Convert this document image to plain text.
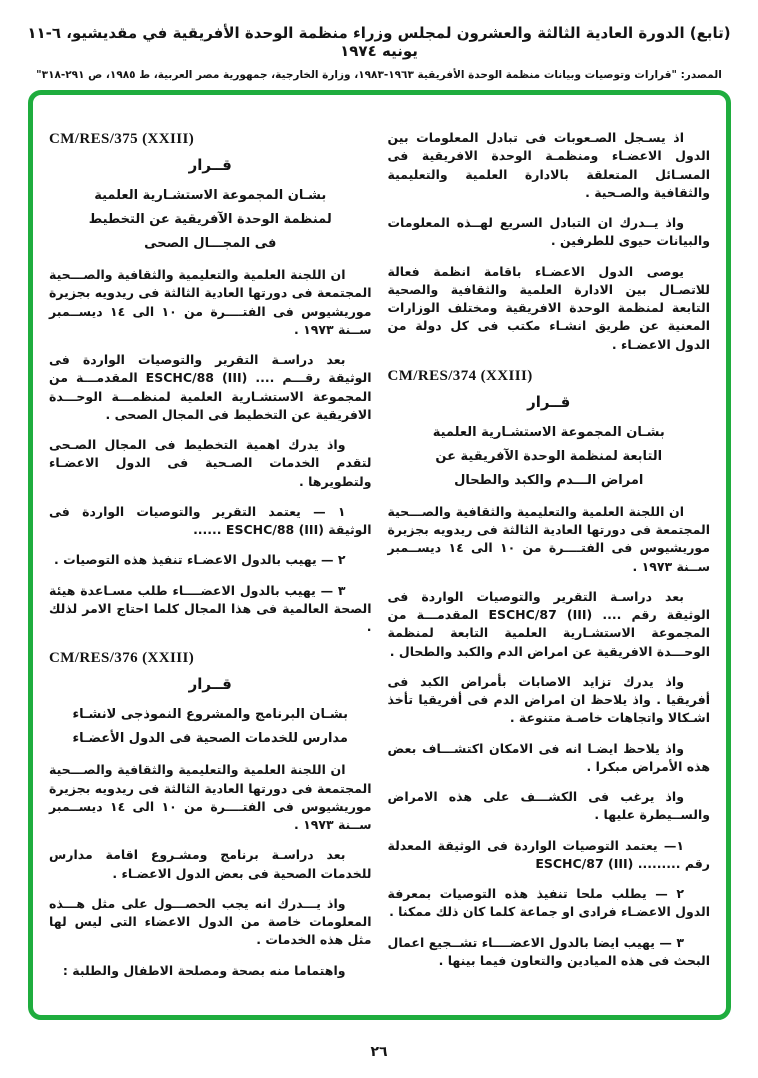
(تابع) الدورة العادية الثالثة والعشرون لمجلس وزراء منظمة الوحدة الأفريقية في مقديشيو، ٦-١١ يونيه ١٩٧٤
المصدر: "قرارات وتوصيات وبيانات منظمة الوحدة الأفريقية ١٩٦٣-١٩٨٣، وزارة الخارجية، جمهورية مصر العربية، ط ١٩٨٥، ص ٢٩١-٣١٨"

اذ يسـجل الصـعوبات فى تبادل المعلومات بين الدول الاعضـاء ومنظمـة الوحدة الافريقية فى المسـائل المتعلقة بالادارة العلمية والتعليمية والثقافية والصـحية .

واذ يــدرك ان التبادل السريع لهــذه المعلومات والبيانات حيوى للطرفين .

يوصى الدول الاعضـاء باقامة انظمة فعالة للاتصـال بين الادارة العلمية والثقافية والصحية التابعة لمنظمة الوحدة الافريقية ومختلف الوزارات المعنية عن طريق انشـاء مكتب فى كل دولة من الدول الاعضـاء .

CM/RES/374 (XXIII)
قــرار
بشـان المجموعة الاستشـارية العلمية
التابعة لمنظمة الوحدة الآفريقية عن
امراض الـــدم والكبد والطحال

ان اللجنة العلمية والتعليمية والثقافية والصـــحية المجتمعة فى دورتها العادية الثالثة فى ريدويه بجزيرة موريشيوس فى الفتــــرة من ١٠ الى ١٤ ديســمبر ســنة ١٩٧٣ .

بعد دراسـة التقرير والتوصيات الواردة فى الوثيقة رقم .... ‎ESCHC/87 (III)‎ المقدمـــة من المجموعة الاستشـارية العلمية التابعة لمنظمة الوحـــدة الافريقية عن امراض الدم والكبد والطحال .

واذ يدرك تزايد الاصابات بأمراض الكبد فى أفريقيا . واذ يلاحظ ان امراض الدم فى أفريقيا تأخذ اشـكالا واتجاهات خاصـة متنوعة .

واذ يلاحظ ايضـا انه فى الامكان اكتشـــاف بعض هذه الأمراض مبكرا .

واذ يرغب فى الكشـــف على هذه الامراض والســيطرة عليها .

١— يعتمد التوصيات الواردة فى الوثيقة المعدلة رقم ......... ‎ESCHC/87 (III)‎

٢ — يطلب ملحا تنفيذ هذه التوصيات بمعرفة الدول الاعضـاء فرادى او جماعة كلما كان ذلك ممكنا .

٣ — يهيب ايضا بالدول الاعضــــاء تشــجيع اعمال البحث فى هذه الميادين والتعاون فيما بينها .

CM/RES/375 (XXIII)
قــرار
بشـان المجموعة الاستشـارية العلمية
لمنظمة الوحدة الآفريقية عن التخطيط
فى المجـــال الصحى

ان اللجنة العلمية والتعليمية والثقافية والصـــحية المجتمعة فى دورتها العادية الثالثة فى ريدويه بجزيرة موريشيوس فى الفتــــرة من ١٠ الى ١٤ ديســمبر ســنة ١٩٧٣ .

بعد دراسـة التقرير والتوصيات الواردة فى الوثيقة رقـــم .... ‎ESCHC/88 (III)‎ المقدمـــة من المجموعة الاستشـارية العلمية لمنظمـــة الوحـــدة الافريقية عن التخطيط فى المجال الصحى .

واذ يدرك اهمية التخطيط فى المجال الصـحى لتقدم الخدمات الصـحية فى الدول الاعضـاء ولتطويرها .

١ — يعتمد التقرير والتوصيات الواردة فى الوثيقة ‎ESCHC/88 (III)‎ ......

٢ — يهيب بالدول الاعضـاء تنفيذ هذه التوصيات .

٣ — يهيب بالدول الاعضــــاء طلب مسـاعدة هيئة الصحة العالمية فى هذا المجال كلما احتاج الامر لذلك .

CM/RES/376 (XXIII)
قــرار
بشـان البرنامج والمشروع النموذجى لانشـاء
مدارس للخدمات الصحية فى الدول الأعضـاء

ان اللجنة العلمية والتعليمية والثقافية والصـــحية المجتمعة فى دورتها العادية الثالثة فى ريدويه بجزيرة موريشيوس فى الفتــــرة من ١٠ الى ١٤ ديســمبر ســنة ١٩٧٣ .

بعد دراسـة برنامج ومشـروع اقامة مدارس للخدمات الصحية فى بعض الدول الاعضـاء .

واذ يـــدرك انه يجب الحصـــول على مثل هـــذه المعلومات خاصة من الدول الاعضاء التى ليس لها مثل هذه الخدمات .

واهتماما منه بصحة ومصلحة الاطفال والطلبة :

٢٦
